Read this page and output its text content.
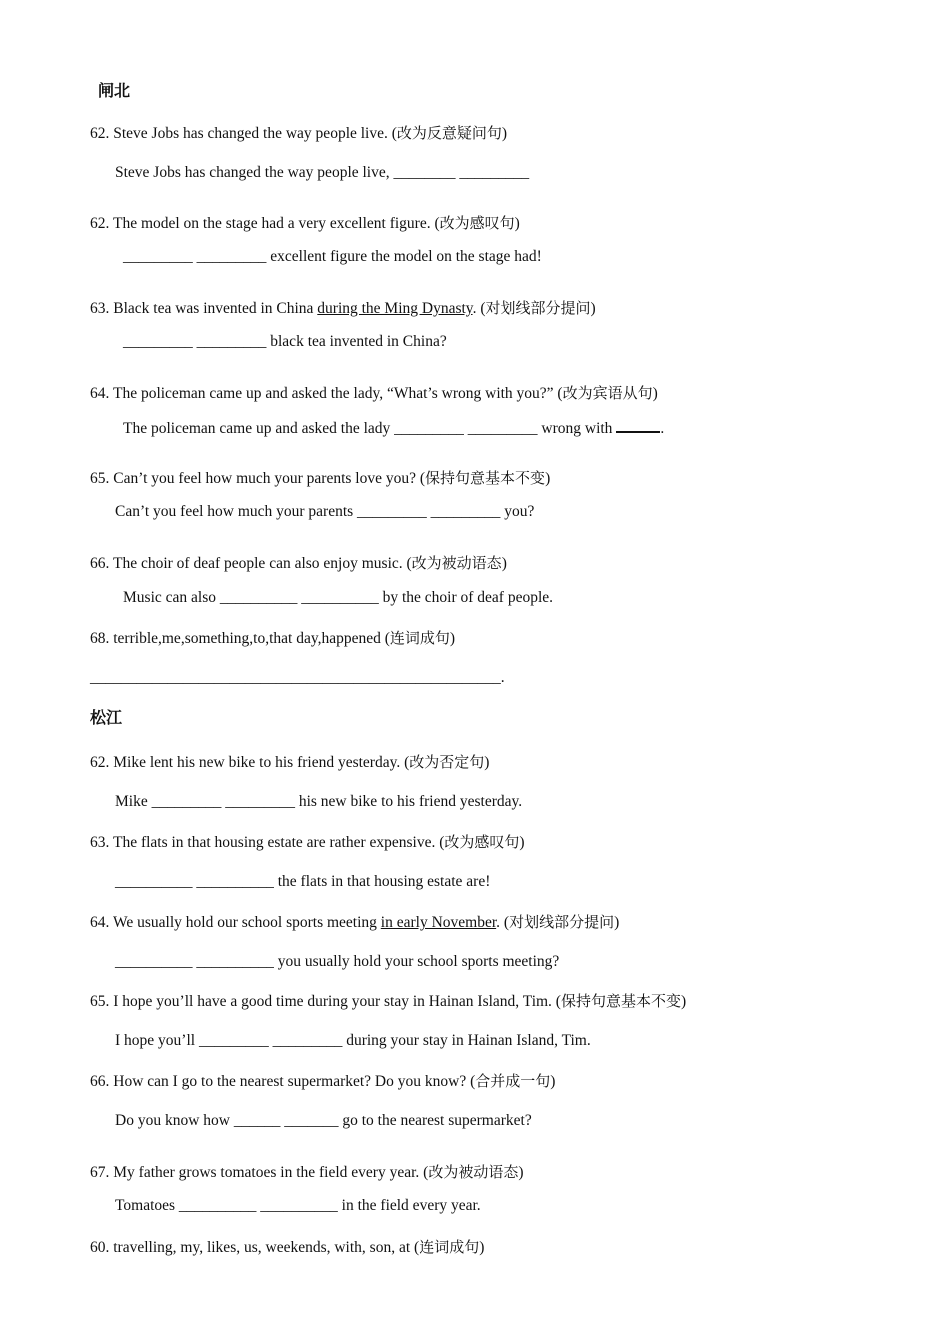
闸北
62. Steve Jobs has changed the way people live. (改为反意疑问句)
Steve Jobs has changed the way people live, ________ _________
62. The model on the stage had a very excellent figure. (改为感叹句)
_________ _________ excellent figure the model on the stage had!
63. Black tea was invented in China during the Ming Dynasty. (对划线部分提问)
_________ _________ black tea invented in China?
64. The policeman came up and asked the lady, “What’s wrong with you?” (改为宾语从句)
The policeman came up and asked the lady _________ _________ wrong with	.
65. Can’t you feel how much your parents love you? (保持句意基本不变)
Can’t you feel how much your parents _________ _________ you?
66. The choir of deaf people can also enjoy music. (改为被动语态)
Music can also __________ __________ by the choir of deaf people.
68. terrible,me,something,to,that day,happened (连词成句)
_____________________________________________________.
松江
62. Mike lent his new bike to his friend yesterday. (改为否定句)
Mike _________ _________ his new bike to his friend yesterday.
63. The flats in that housing estate are rather expensive. (改为感叹句)
__________ __________ the flats in that housing estate are!
64. We usually hold our school sports meeting in early November. (对划线部分提问)
__________ __________ you usually hold your school sports meeting?
65. I hope you’ll have a good time during your stay in Hainan Island, Tim. (保持句意基本不变)
I hope you’ll _________ _________ during your stay in Hainan Island, Tim.
66. How can I go to the nearest supermarket? Do you know? (合并成一句)
Do you know how ______ _______ go to the nearest supermarket?
67. My father grows tomatoes in the field every year. (改为被动语态)
Tomatoes __________ __________ in the field every year.
60. travelling, my, likes, us, weekends, with, son, at (连词成句)
